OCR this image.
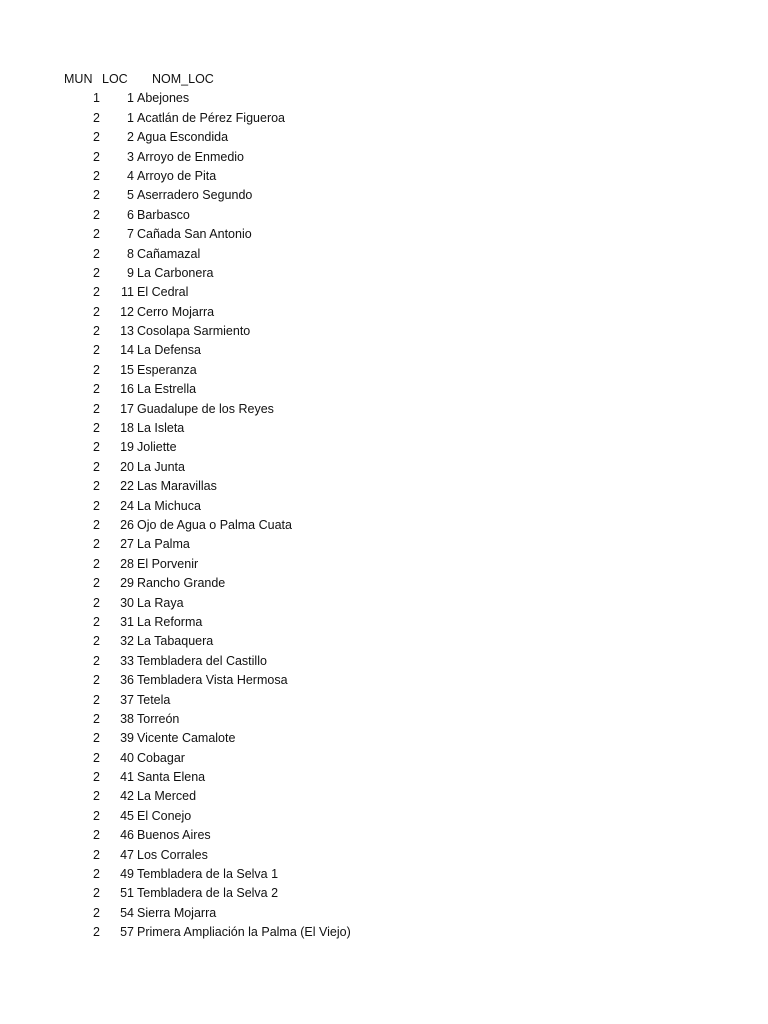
MUN LOC NOM_LOC
1	1 Abejones
2	1 Acatlán de Pérez Figueroa
2	2 Agua Escondida
2	3 Arroyo de Enmedio
2	4 Arroyo de Pita
2	5 Aserradero Segundo
2	6 Barbasco
2	7 Cañada San Antonio
2	8 Cañamazal
2	9 La Carbonera
2	11 El Cedral
2	12 Cerro Mojarra
2	13 Cosolapa Sarmiento
2	14 La Defensa
2	15 Esperanza
2	16 La Estrella
2	17 Guadalupe de los Reyes
2	18 La Isleta
2	19 Joliette
2	20 La Junta
2	22 Las Maravillas
2	24 La Michuca
2	26 Ojo de Agua o Palma Cuata
2	27 La Palma
2	28 El Porvenir
2	29 Rancho Grande
2	30 La Raya
2	31 La Reforma
2	32 La Tabaquera
2	33 Tembladera del Castillo
2	36 Tembladera Vista Hermosa
2	37 Tetela
2	38 Torreón
2	39 Vicente Camalote
2	40 Cobagar
2	41 Santa Elena
2	42 La Merced
2	45 El Conejo
2	46 Buenos Aires
2	47 Los Corrales
2	49 Tembladera de la Selva 1
2	51 Tembladera de la Selva 2
2	54 Sierra Mojarra
2	57 Primera Ampliación la Palma (El Viejo)
